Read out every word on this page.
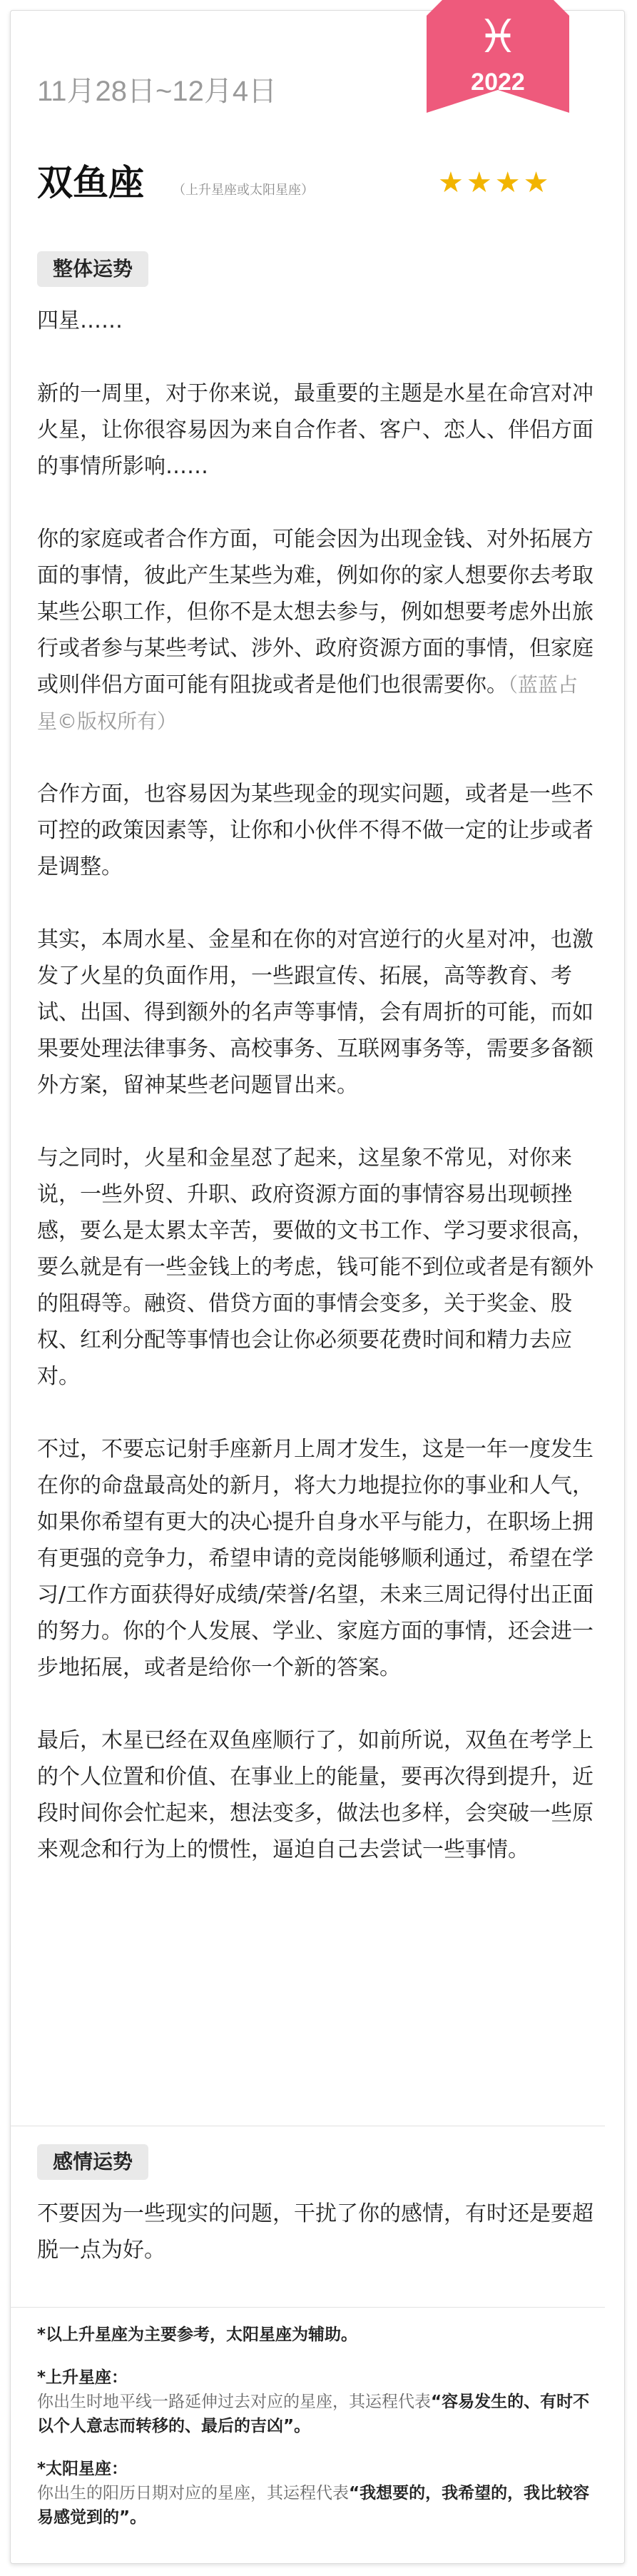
♓
2022
11月28日~12月4日
双鱼座 （上升星座或太阳星座）	★★★★
整体运势

四星……

新的一周里，对于你来说，最重要的主题是水星在命宫对冲火星，让你很容易因为来自合作者、客户、恋人、伴侣方面的事情所影响……

你的家庭或者合作方面，可能会因为出现金钱、对外拓展方面的事情，彼此产生某些为难，例如你的家人想要你去考取某些公职工作，但你不是太想去参与，例如想要考虑外出旅行或者参与某些考试、涉外、政府资源方面的事情，但家庭或则伴侣方面可能有阻拢或者是他们也很需要你。（蓝蓝占星©版权所有）

合作方面，也容易因为某些现金的现实问题，或者是一些不可控的政策因素等，让你和小伙伴不得不做一定的让步或者是调整。

其实，本周水星、金星和在你的对宫逆行的火星对冲，也激发了火星的负面作用，一些跟宣传、拓展，高等教育、考试、出国、得到额外的名声等事情，会有周折的可能，而如果要处理法律事务、高校事务、互联网事务等，需要多备额外方案，留神某些老问题冒出来。

与之同时，火星和金星怼了起来，这星象不常见，对你来说，一些外贸、升职、政府资源方面的事情容易出现顿挫感，要么是太累太辛苦，要做的文书工作、学习要求很高，要么就是有一些金钱上的考虑，钱可能不到位或者是有额外的阻碍等。融资、借贷方面的事情会变多，关于奖金、股权、红利分配等事情也会让你必须要花费时间和精力去应对。

不过，不要忘记射手座新月上周才发生，这是一年一度发生在你的命盘最高处的新月，将大力地提拉你的事业和人气，如果你希望有更大的决心提升自身水平与能力，在职场上拥有更强的竞争力，希望申请的竞岗能够顺利通过，希望在学习/工作方面获得好成绩/荣誉/名望，未来三周记得付出正面的努力。你的个人发展、学业、家庭方面的事情，还会进一步地拓展，或者是给你一个新的答案。

最后，木星已经在双鱼座顺行了，如前所说，双鱼在考学上的个人位置和价值、在事业上的能量，要再次得到提升，近段时间你会忙起来，想法变多，做法也多样，会突破一些原来观念和行为上的惯性，逼迫自己去尝试一些事情。

感情运势

不要因为一些现实的问题，干扰了你的感情，有时还是要超脱一点为好。

*以上升星座为主要参考，太阳星座为辅助。
*上升星座：
你出生时地平线一路延伸过去对应的星座，其运程代表“容易发生的、有时不以个人意志而转移的、最后的吉凶”。
*太阳星座：
你出生的阳历日期对应的星座，其运程代表“我想要的，我希望的，我比较容易感觉到的”。
